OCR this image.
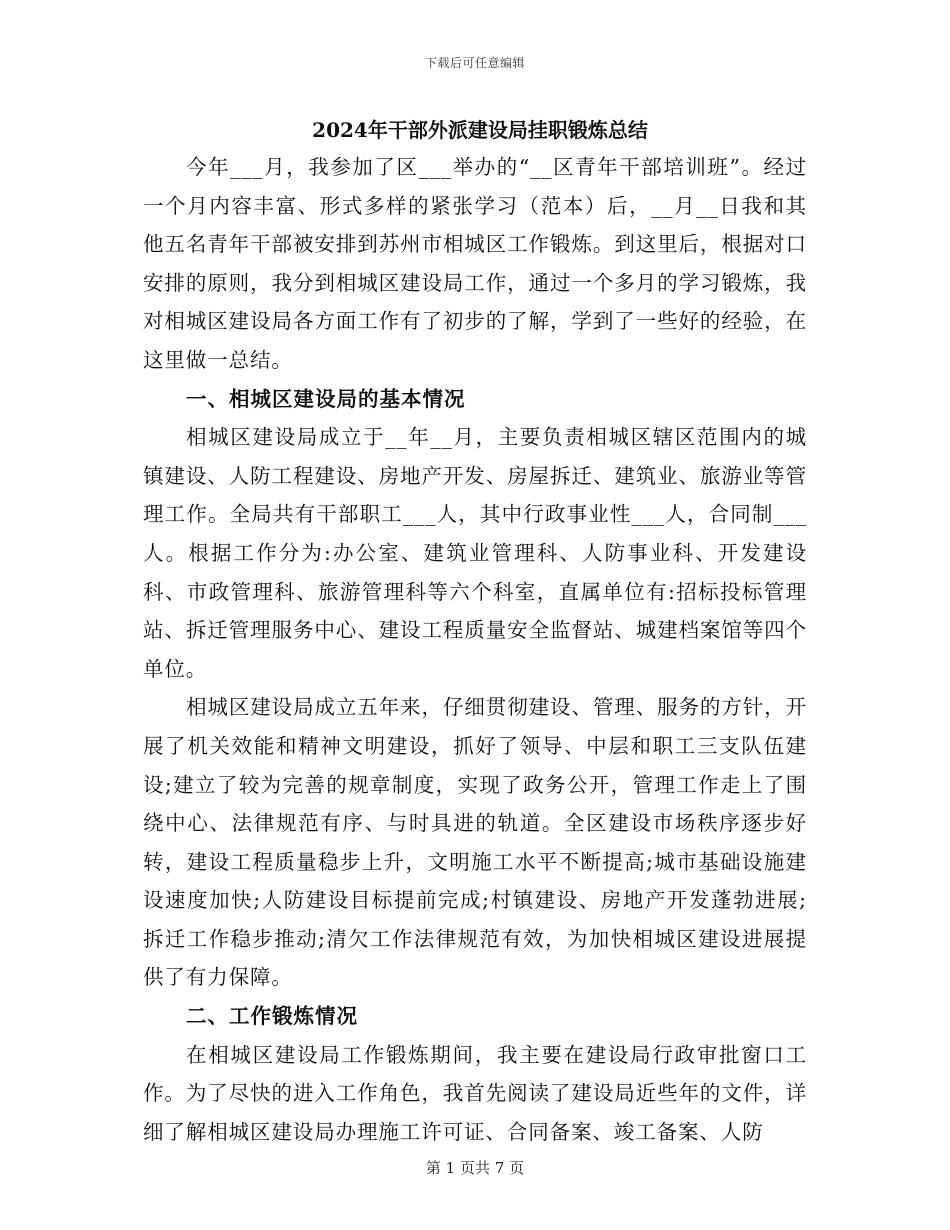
下载后可任意编辑
2024年干部外派建设局挂职锻炼总结

今年___月，我参加了区___举办的“__区青年干部培训班”。经过一个月内容丰富、形式多样的紧张学习（范本）后，__月__日我和其他五名青年干部被安排到苏州市相城区工作锻炼。到这里后，根据对口安排的原则，我分到相城区建设局工作，通过一个多月的学习锻炼，我对相城区建设局各方面工作有了初步的了解，学到了一些好的经验，在这里做一总结。

一、相城区建设局的基本情况

相城区建设局成立于__年__月，主要负责相城区辖区范围内的城镇建设、人防工程建设、房地产开发、房屋拆迁、建筑业、旅游业等管理工作。全局共有干部职工___人，其中行政事业性___人，合同制___人。根据工作分为:办公室、建筑业管理科、人防事业科、开发建设科、市政管理科、旅游管理科等六个科室，直属单位有:招标投标管理站、拆迁管理服务中心、建设工程质量安全监督站、城建档案馆等四个单位。

相城区建设局成立五年来，仔细贯彻建设、管理、服务的方针，开展了机关效能和精神文明建设，抓好了领导、中层和职工三支队伍建设;建立了较为完善的规章制度，实现了政务公开，管理工作走上了围绕中心、法律规范有序、与时具进的轨道。全区建设市场秩序逐步好转，建设工程质量稳步上升，文明施工水平不断提高;城市基础设施建设速度加快;人防建设目标提前完成;村镇建设、房地产开发蓬勃进展;拆迁工作稳步推动;清欠工作法律规范有效，为加快相城区建设进展提供了有力保障。

二、工作锻炼情况

在相城区建设局工作锻炼期间，我主要在建设局行政审批窗口工作。为了尽快的进入工作角色，我首先阅读了建设局近些年的文件，详细了解相城区建设局办理施工许可证、合同备案、竣工备案、人防

第 1 页共 7 页
